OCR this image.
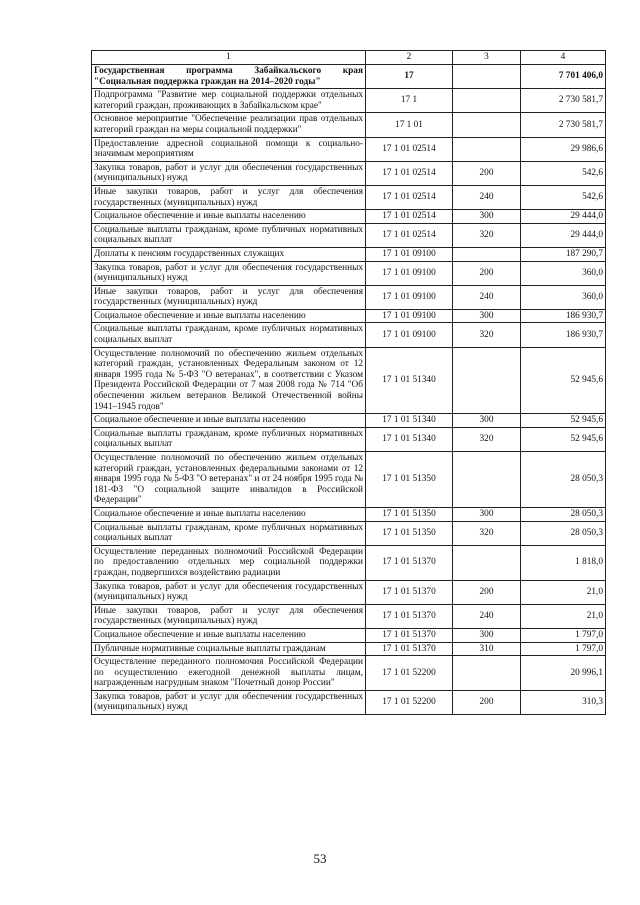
1	2	3	4
Государственная программа Забайкальского края "Социальная поддержка граждан на 2014–2020 годы"	17		7 701 406,0
Подпрограмма "Развитие мер социальной поддержки отдельных категорий граждан, проживающих в Забайкальском крае"	17 1		2 730 581,7
Основное мероприятие "Обеспечение реализации прав отдельных категорий граждан на меры социальной поддержки"	17 1 01		2 730 581,7
Предоставление адресной социальной помощи к социально-значимым мероприятиям	17 1 01 02514		29 986,6
Закупка товаров, работ и услуг для обеспечения государственных (муниципальных) нужд	17 1 01 02514	200	542,6
Иные закупки товаров, работ и услуг для обеспечения государственных (муниципальных) нужд	17 1 01 02514	240	542,6
Социальное обеспечение и иные выплаты населению	17 1 01 02514	300	29 444,0
Социальные выплаты гражданам, кроме публичных нормативных социальных выплат	17 1 01 02514	320	29 444,0
Доплаты к пенсиям государственных служащих	17 1 01 09100		187 290,7
Закупка товаров, работ и услуг для обеспечения государственных (муниципальных) нужд	17 1 01 09100	200	360,0
Иные закупки товаров, работ и услуг для обеспечения государственных (муниципальных) нужд	17 1 01 09100	240	360,0
Социальное обеспечение и иные выплаты населению	17 1 01 09100	300	186 930,7
Социальные выплаты гражданам, кроме публичных нормативных социальных выплат	17 1 01 09100	320	186 930,7
Осуществление полномочий по обеспечению жильем отдельных категорий граждан, установленных Федеральным законом от 12 января 1995 года № 5-ФЗ "О ветеранах", в соответствии с Указом Президента Российской Федерации от 7 мая 2008 года № 714 "Об обеспечении жильем ветеранов Великой Отечественной войны 1941–1945 годов"	17 1 01 51340		52 945,6
Социальное обеспечение и иные выплаты населению	17 1 01 51340	300	52 945,6
Социальные выплаты гражданам, кроме публичных нормативных социальных выплат	17 1 01 51340	320	52 945,6
Осуществление полномочий по обеспечению жильем отдельных категорий граждан, установленных федеральными законами от 12 января 1995 года № 5-ФЗ "О ветеранах" и от 24 ноября 1995 года № 181-ФЗ "О социальной защите инвалидов в Российской Федерации"	17 1 01 51350		28 050,3
Социальное обеспечение и иные выплаты населению	17 1 01 51350	300	28 050,3
Социальные выплаты гражданам, кроме публичных нормативных социальных выплат	17 1 01 51350	320	28 050,3
Осуществление переданных полномочий Российской Федерации по предоставлению отдельных мер социальной поддержки граждан, подвергшихся воздействию радиации	17 1 01 51370		1 818,0
Закупка товаров, работ и услуг для обеспечения государственных (муниципальных) нужд	17 1 01 51370	200	21,0
Иные закупки товаров, работ и услуг для обеспечения государственных (муниципальных) нужд	17 1 01 51370	240	21,0
Социальное обеспечение и иные выплаты населению	17 1 01 51370	300	1 797,0
Публичные нормативные социальные выплаты гражданам	17 1 01 51370	310	1 797,0
Осуществление переданного полномочия Российской Федерации по осуществлению ежегодной денежной выплаты лицам, награжденным нагрудным знаком "Почетный донор России"	17 1 01 52200		20 996,1
Закупка товаров, работ и услуг для обеспечения государственных (муниципальных) нужд	17 1 01 52200	200	310,3
53
